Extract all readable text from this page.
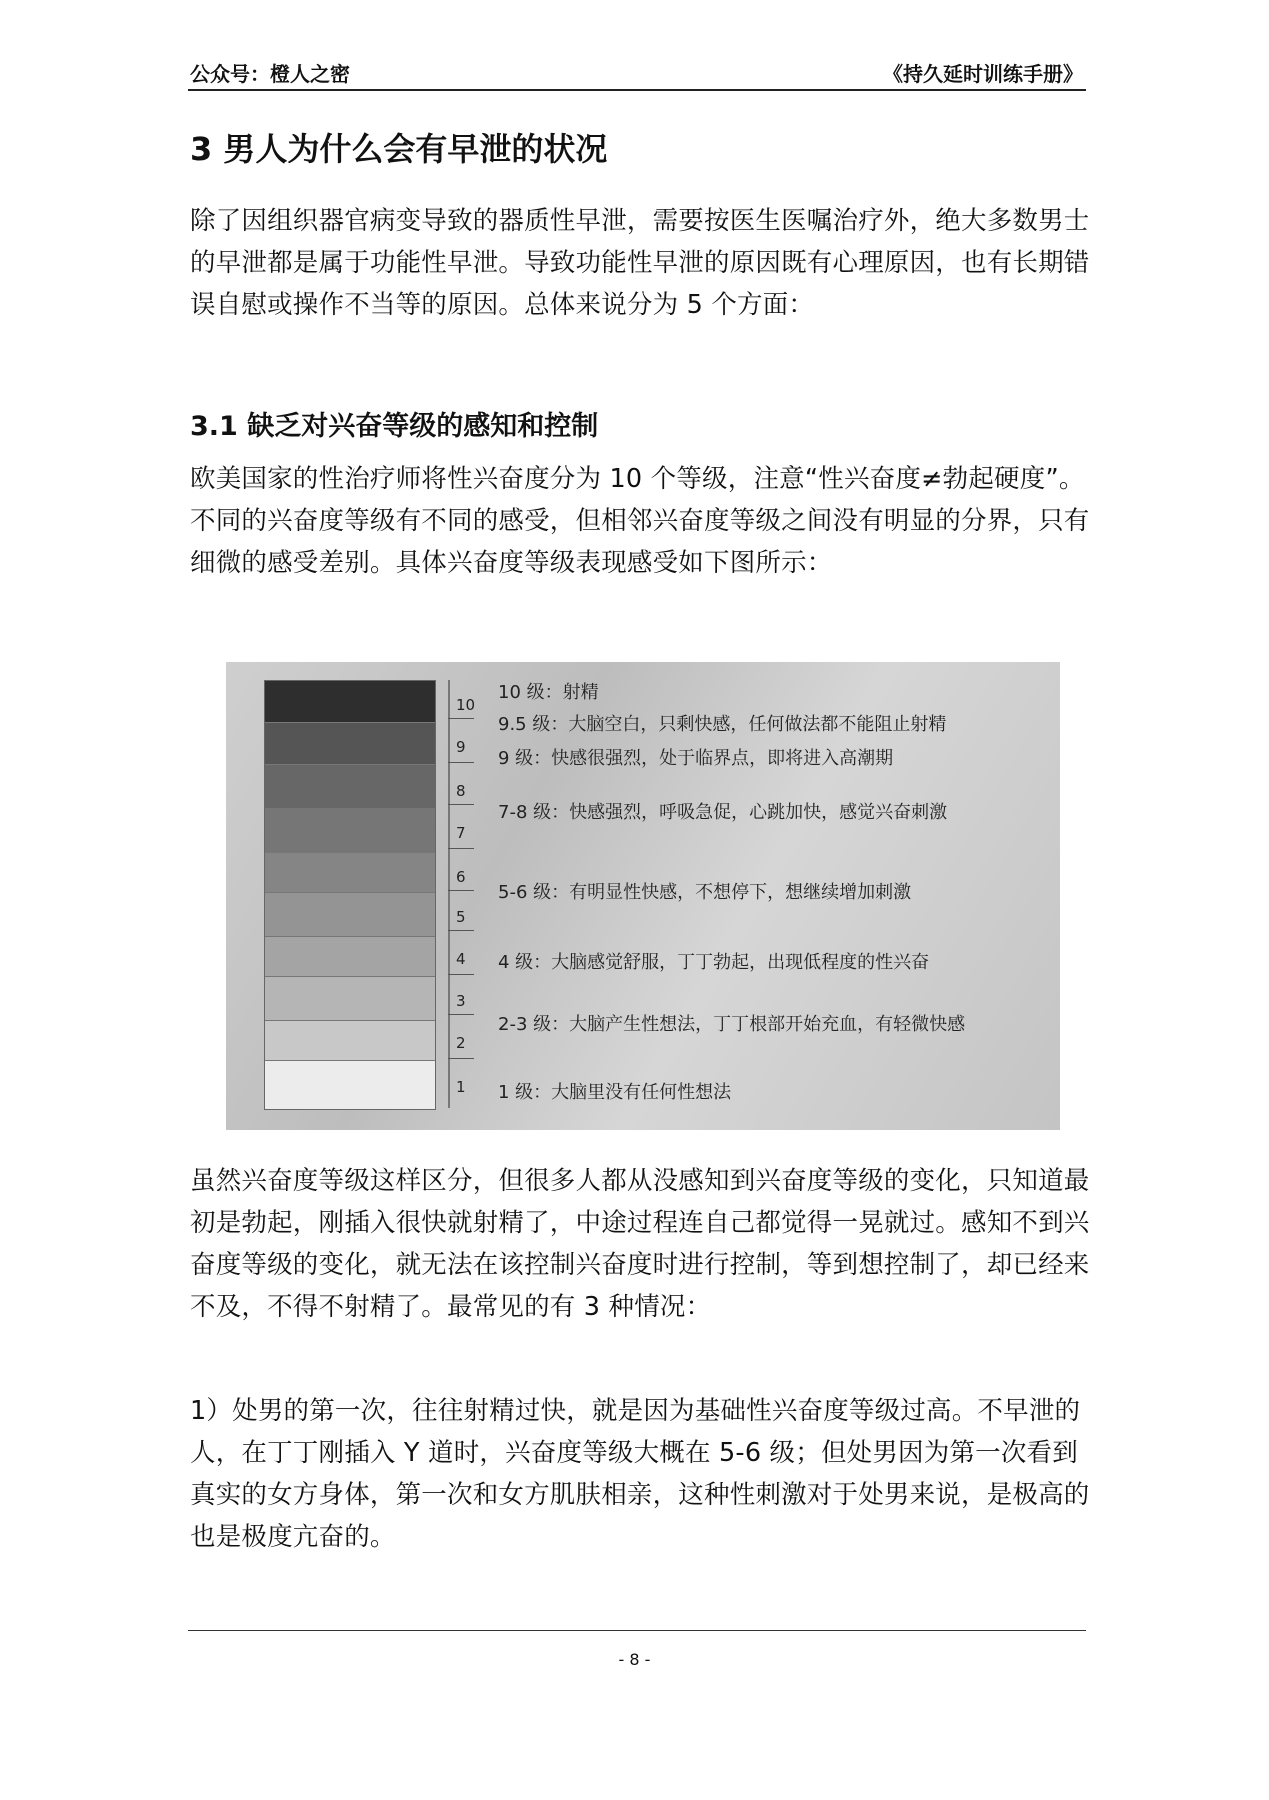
公众号：橙人之密	《持久延时训练手册》
3 男人为什么会有早泄的状况

除了因组织器官病变导致的器质性早泄，需要按医生医嘱治疗外，绝大多数男士的早泄都是属于功能性早泄。导致功能性早泄的原因既有心理原因，也有长期错误自慰或操作不当等的原因。总体来说分为 5 个方面：

3.1 缺乏对兴奋等级的感知和控制

欧美国家的性治疗师将性兴奋度分为 10 个等级，注意“性兴奋度≠勃起硬度”。不同的兴奋度等级有不同的感受，但相邻兴奋度等级之间没有明显的分界，只有细微的感受差别。具体兴奋度等级表现感受如下图所示：

10
9
8
7
6
5
4
3
2
1
10 级：射精
9.5 级：大脑空白，只剩快感，任何做法都不能阻止射精
9 级：快感很强烈，处于临界点，即将进入高潮期
7-8 级：快感强烈，呼吸急促，心跳加快，感觉兴奋刺激
5-6 级：有明显性快感，不想停下，想继续增加刺激
4 级：大脑感觉舒服，丁丁勃起，出现低程度的性兴奋
2-3 级：大脑产生性想法，丁丁根部开始充血，有轻微快感
1 级：大脑里没有任何性想法

虽然兴奋度等级这样区分，但很多人都从没感知到兴奋度等级的变化，只知道最初是勃起，刚插入很快就射精了，中途过程连自己都觉得一晃就过。感知不到兴奋度等级的变化，就无法在该控制兴奋度时进行控制，等到想控制了，却已经来不及，不得不射精了。最常见的有 3 种情况：

1）处男的第一次，往往射精过快，就是因为基础性兴奋度等级过高。不早泄的人，在丁丁刚插入 Y 道时，兴奋度等级大概在 5-6 级；但处男因为第一次看到真实的女方身体，第一次和女方肌肤相亲，这种性刺激对于处男来说，是极高的也是极度亢奋的。

- 8 -
